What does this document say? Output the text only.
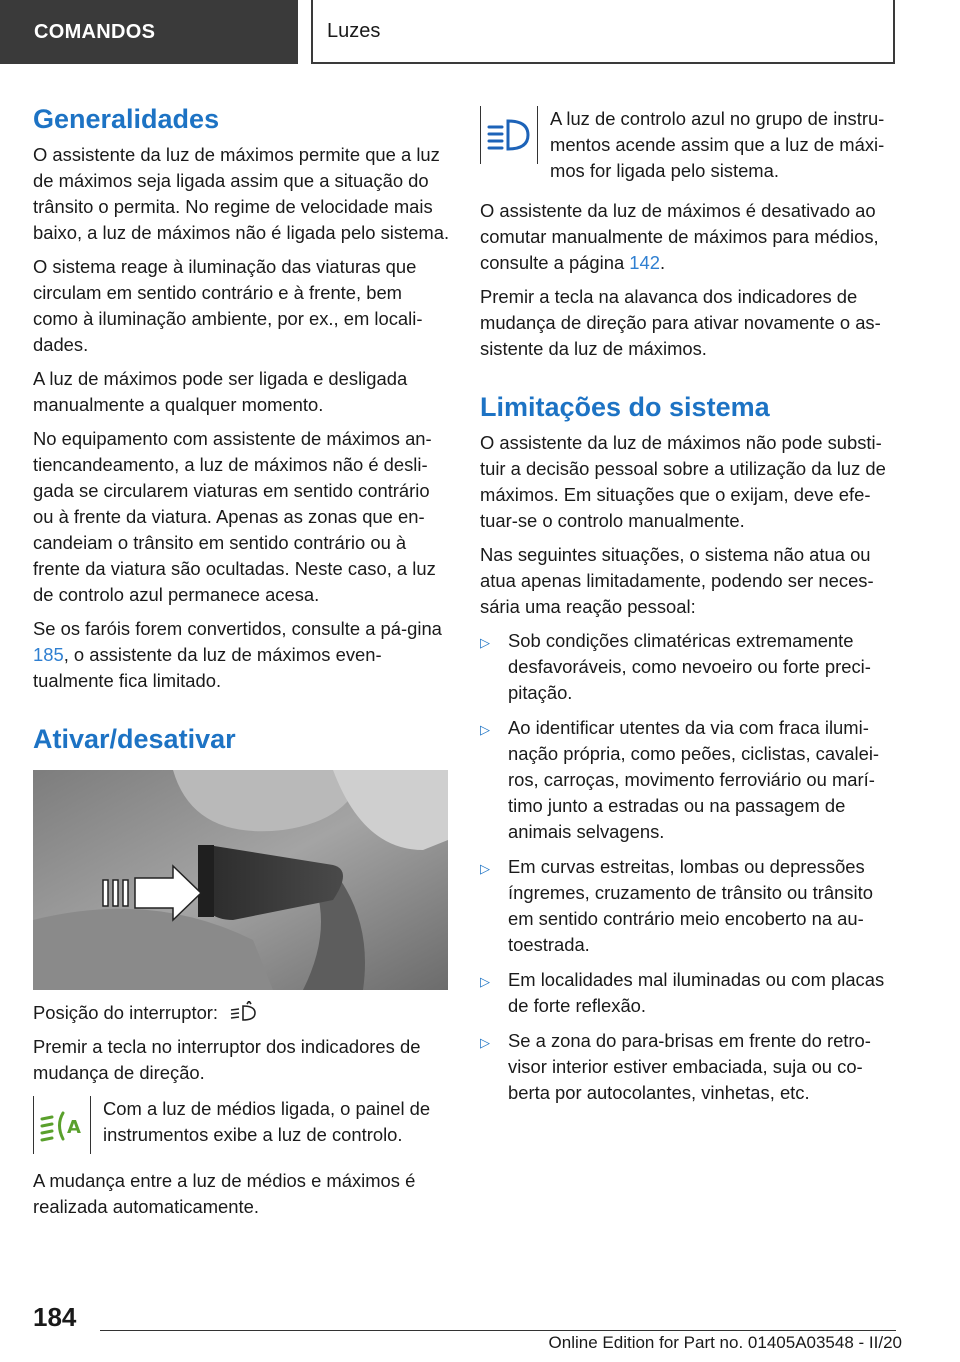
COMANDOS	Luzes
Generalidades

O assistente da luz de máximos permite que a luz de máximos seja ligada assim que a situação do trânsito o permita. No regime de velocidade mais baixo, a luz de máximos não é ligada pelo sistema.

O sistema reage à iluminação das viaturas que circulam em sentido contrário e à frente, bem como à iluminação ambiente, por ex., em locali‐dades.

A luz de máximos pode ser ligada e desligada manualmente a qualquer momento.

No equipamento com assistente de máximos an‐tiencandeamento, a luz de máximos não é desli‐gada se circularem viaturas em sentido contrário ou à frente da viatura. Apenas as zonas que en‐candeiam o trânsito em sentido contrário ou à frente da viatura são ocultadas. Neste caso, a luz de controlo azul permanece acesa.

Se os faróis forem convertidos, consulte a pá‐gina 185, o assistente da luz de máximos even‐tualmente fica limitado.

Ativar/desativar

Posição do interruptor:

Premir a tecla no interruptor dos indicadores de mudança de direção.

A
Com a luz de médios ligada, o painel de instrumentos exibe a luz de controlo.

A mudança entre a luz de médios e máximos é realizada automaticamente.

A luz de controlo azul no grupo de instru‐mentos acende assim que a luz de máxi‐mos for ligada pelo sistema.

O assistente da luz de máximos é desativado ao comutar manualmente de máximos para médios, consulte a página 142.

Premir a tecla na alavanca dos indicadores de mudança de direção para ativar novamente o as‐sistente da luz de máximos.

Limitações do sistema

O assistente da luz de máximos não pode substi‐tuir a decisão pessoal sobre a utilização da luz de máximos. Em situações que o exijam, deve efe‐tuar-se o controlo manualmente.

Nas seguintes situações, o sistema não atua ou atua apenas limitadamente, podendo ser neces‐sária uma reação pessoal:

▷ Sob condições climatéricas extremamente desfavoráveis, como nevoeiro ou forte preci‐pitação.
▷ Ao identificar utentes da via com fraca ilumi‐nação própria, como peões, ciclistas, cavalei‐ros, carroças, movimento ferroviário ou marí‐timo junto a estradas ou na passagem de animais selvagens.
▷ Em curvas estreitas, lombas ou depressões íngremes, cruzamento de trânsito ou trânsito em sentido contrário meio encoberto na au‐toestrada.
▷ Em localidades mal iluminadas ou com placas de forte reflexão.
▷ Se a zona do para-brisas em frente do retro‐visor interior estiver embaciada, suja ou co‐berta por autocolantes, vinhetas, etc.
184
Online Edition for Part no. 01405A03548 - II/20
